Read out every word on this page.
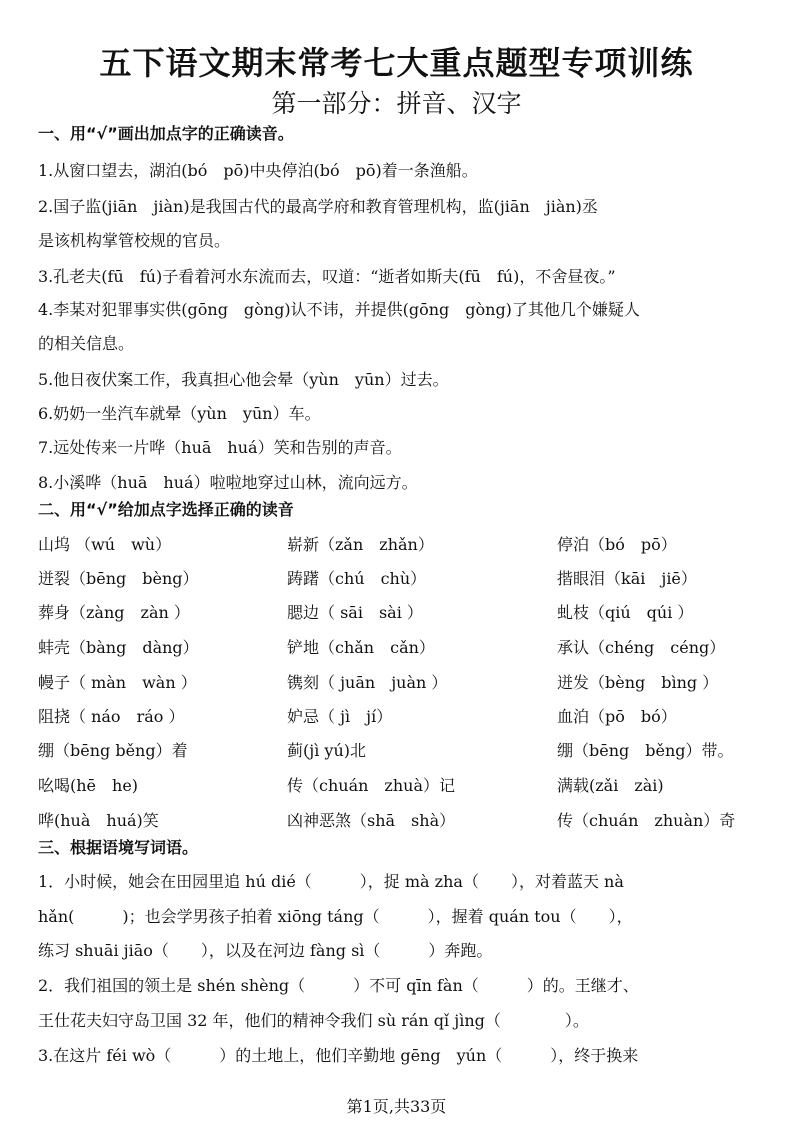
五下语文期末常考七大重点题型专项训练
第一部分：拼音、汉字
一、用“√”画出加点字的正确读音。
1.从窗口望去，湖泊(bó　pō)中央停泊(bó　pō)着一条渔船。
2.国子监(jiān　jiàn)是我国古代的最高学府和教育管理机构，监(jiān　jiàn)丞
是该机构掌管校规的官员。
3.孔老夫(fū　fú)子看着河水东流而去，叹道：“逝者如斯夫(fū　fú)，不舍昼夜。”
4.李某对犯罪事实供(gōng　gòng)认不讳，并提供(gōng　gòng)了其他几个嫌疑人
的相关信息。
5.他日夜伏案工作，我真担心他会晕（yùn　yūn）过去。
6.奶奶一坐汽车就晕（yùn　yūn）车。
7.远处传来一片哗（huā　huá）笑和告别的声音。
8.小溪哗（huā　huá）啦啦地穿过山林，流向远方。
二、用“√”给加点字选择正确的读音
山坞 （wú　wù）	崭新（zǎn　zhǎn）	停泊（bó　pō）
迸裂（bēng　bèng）	踌躇（chú　chù）	揩眼泪（kāi　jiē）
葬身（zàng　zàn ）	腮边（ sāi　sài ）	虬枝（qiú　qúi ）
蚌壳（bàng　dàng）	铲地（chǎn　cǎn）	承认（chéng　céng）
幔子（ màn　wàn ）	镌刻（ juān　juàn ）	迸发（bèng　bìng ）
阻挠（ náo　ráo ）	妒忌（ jì　jí）	血泊（pō　bó）
绷（bēng běng）着	蓟(jì yú)北	绷（bēng　běng）带。
吆喝(hē　he)	传（chuán　zhuà）记	满载(zǎi　zài)
哗(huà　huá)笑	凶神恶煞（shā　shà）	传（chuán　zhuàn）奇
三、根据语境写词语。
1．小时候，她会在田园里追 hú dié（　　　），捉 mà zha（　　），对着蓝天 nà
hǎn(　　　)；也会学男孩子拍着 xiōng táng（　　　），握着 quán tou（　　），
练习 shuāi jiāo（　　），以及在河边 fàng sì（　　　）奔跑。
2．我们祖国的领土是 shén shèng（　　　）不可 qīn fàn（　　　）的。王继才、
王仕花夫妇守岛卫国 32 年，他们的精神令我们 sù rán qǐ jìng（　　　　）。
3.在这片 féi wò（　　　）的土地上，他们辛勤地 gēng　yún（　　　），终于换来
第1页,共33页
